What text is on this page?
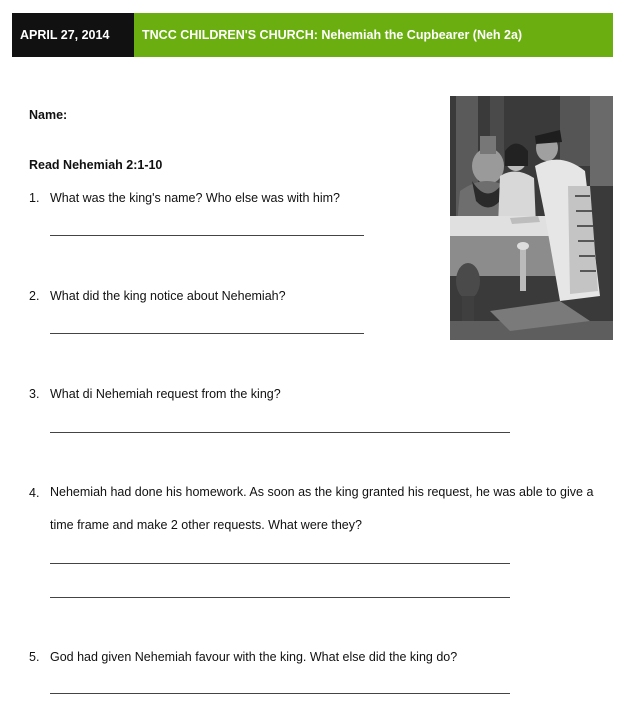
APRIL 27, 2014	TNCC CHILDREN'S CHURCH: Nehemiah the Cupbearer (Neh 2a)
Name:
Read Nehemiah 2:1-10
1. What was the king's name? Who else was with him?
2. What did the king notice about Nehemiah?
3. What di Nehemiah request from the king?
4. Nehemiah had done his homework. As soon as the king granted his request, he was able to give a time frame and make 2 other requests. What were they?
5. God had given Nehemiah favour with the king. What else did the king do?
